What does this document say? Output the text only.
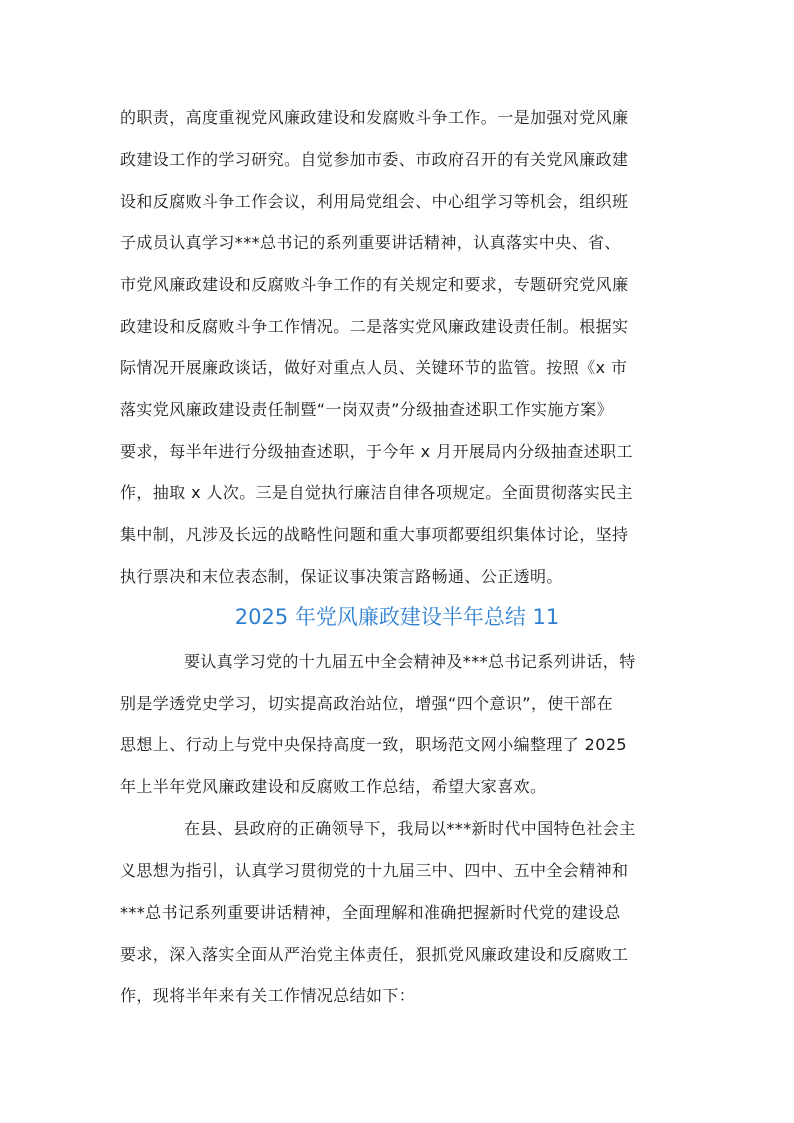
的职责，高度重视党风廉政建设和发腐败斗争工作。一是加强对党风廉
政建设工作的学习研究。自觉参加市委、市政府召开的有关党风廉政建
设和反腐败斗争工作会议，利用局党组会、中心组学习等机会，组织班
子成员认真学习***总书记的系列重要讲话精神，认真落实中央、省、
市党风廉政建设和反腐败斗争工作的有关规定和要求，专题研究党风廉
政建设和反腐败斗争工作情况。二是落实党风廉政建设责任制。根据实
际情况开展廉政谈话，做好对重点人员、关键环节的监管。按照《x 市
落实党风廉政建设责任制暨“一岗双责”分级抽查述职工作实施方案》
要求，每半年进行分级抽查述职，于今年 x 月开展局内分级抽查述职工
作，抽取 x 人次。三是自觉执行廉洁自律各项规定。全面贯彻落实民主
集中制，凡涉及长远的战略性问题和重大事项都要组织集体讨论，坚持
执行票决和末位表态制，保证议事决策言路畅通、公正透明。
2025 年党风廉政建设半年总结 11
要认真学习党的十九届五中全会精神及***总书记系列讲话，特
别是学透党史学习，切实提高政治站位，增强“四个意识”，使干部在
思想上、行动上与党中央保持高度一致，职场范文网小编整理了 2025
年上半年党风廉政建设和反腐败工作总结，希望大家喜欢。
在县、县政府的正确领导下，我局以***新时代中国特色社会主
义思想为指引，认真学习贯彻党的十九届三中、四中、五中全会精神和
***总书记系列重要讲话精神，全面理解和准确把握新时代党的建设总
要求，深入落实全面从严治党主体责任，狠抓党风廉政建设和反腐败工
作，现将半年来有关工作情况总结如下：
